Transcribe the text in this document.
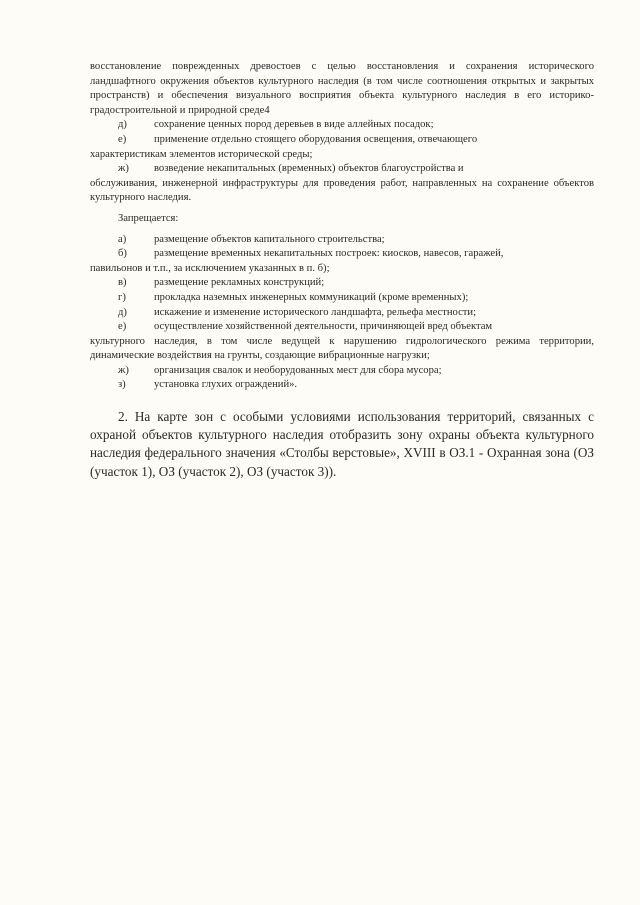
восстановление поврежденных древостоев с целью восстановления и сохранения исторического ландшафтного окружения объектов культурного наследия (в том числе соотношения открытых и закрытых пространств) и обеспечения визуального восприятия объекта культурного наследия в его историко-градостроительной и природной среде4

д)	сохранение ценных пород деревьев в виде аллейных посадок;
е)	применение отдельно стоящего оборудования освещения, отвечающего

характеристикам элементов исторической среды;

ж)	возведение некапитальных (временных) объектов благоустройства и

обслуживания, инженерной инфраструктуры для проведения работ, направленных на сохранение объектов культурного наследия.

Запрещается:

а)	размещение объектов капитального строительства;
б)	размещение временных некапитальных построек: киосков, навесов, гаражей,

павильонов и т.п., за исключением указанных в п. б);

в)	размещение рекламных конструкций;
г)	прокладка наземных инженерных коммуникаций (кроме временных);
д)	искажение и изменение исторического ландшафта, рельефа местности;
е)	осуществление хозяйственной деятельности, причиняющей вред объектам

культурного наследия, в том числе ведущей к нарушению гидрологического режима территории, динамические воздействия на грунты, создающие вибрационные нагрузки;

ж)	организация свалок и необорудованных мест для сбора мусора;
з)	установка глухих ограждений».

2. На карте зон с особыми условиями использования территорий, связанных с охраной объектов культурного наследия отобразить зону охраны объекта культурного наследия федерального значения «Столбы верстовые», XVIII в ОЗ.1 - Охранная зона (ОЗ (участок 1), ОЗ (участок 2), ОЗ (участок 3)).
